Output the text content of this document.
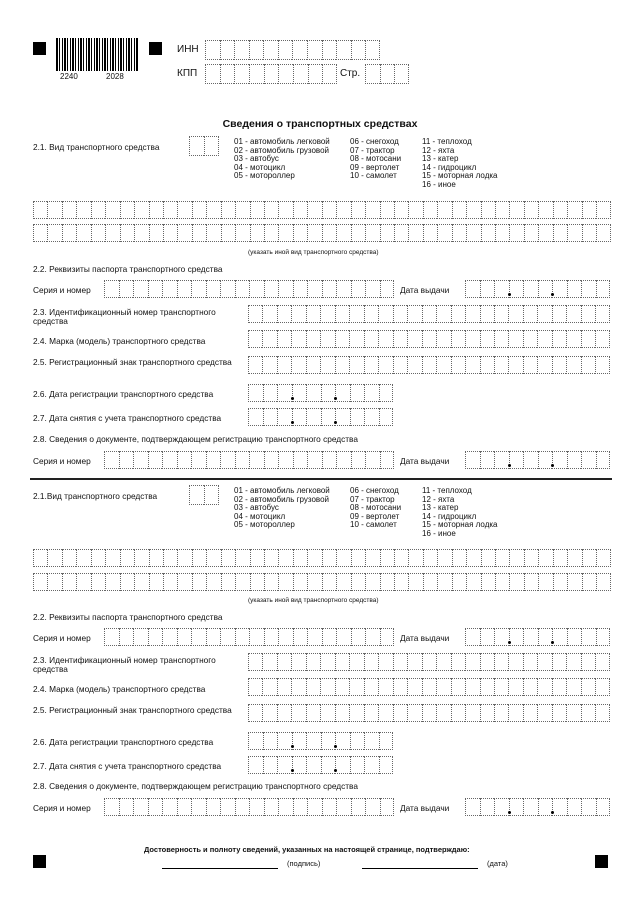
2240	2028
ИНН
КПП	Стр.
Сведения о транспортных средствах
2.1. Вид транспортного средства
01 - автомобиль легковой
02 - автомобиль грузовой
03 - автобус
04 - мотоцикл
05 - мотороллер
06 - снегоход
07 - трактор
08 - мотосани
09 - вертолет
10 - самолет
11 - теплоход
12 - яхта
13 - катер
14 - гидроцикл
15 - моторная лодка
16 - иное
(указать иной вид транспортного средства)
2.2. Реквизиты паспорта транспортного средства
Серия и номер	Дата выдачи
2.3. Идентификационный номер транспортного средства
2.4. Марка (модель) транспортного средства
2.5. Регистрационный знак транспортного средства
2.6. Дата регистрации транспортного средства
2.7. Дата снятия с учета транспортного средства
2.8. Сведения о документе, подтверждающем регистрацию транспортного средства
Серия и номер	Дата выдачи
2.1.Вид транспортного средства
01 - автомобиль легковой
02 - автомобиль грузовой
03 - автобус
04 - мотоцикл
05 - мотороллер
06 - снегоход
07 - трактор
08 - мотосани
09 - вертолет
10 - самолет
11 - теплоход
12 - яхта
13 - катер
14 - гидроцикл
15 - моторная лодка
16 - иное
(указать иной вид транспортного средства)
2.2. Реквизиты паспорта транспортного средства
Серия и номер	Дата выдачи
2.3. Идентификационный номер транспортного средства
2.4. Марка (модель) транспортного средства
2.5. Регистрационный знак транспортного средства
2.6. Дата регистрации транспортного средства
2.7. Дата снятия с учета транспортного средства
2.8. Сведения о документе, подтверждающем регистрацию транспортного средства
Серия и номер	Дата выдачи
Достоверность и полноту сведений, указанных на настоящей странице, подтверждаю:
(подпись)	(дата)
